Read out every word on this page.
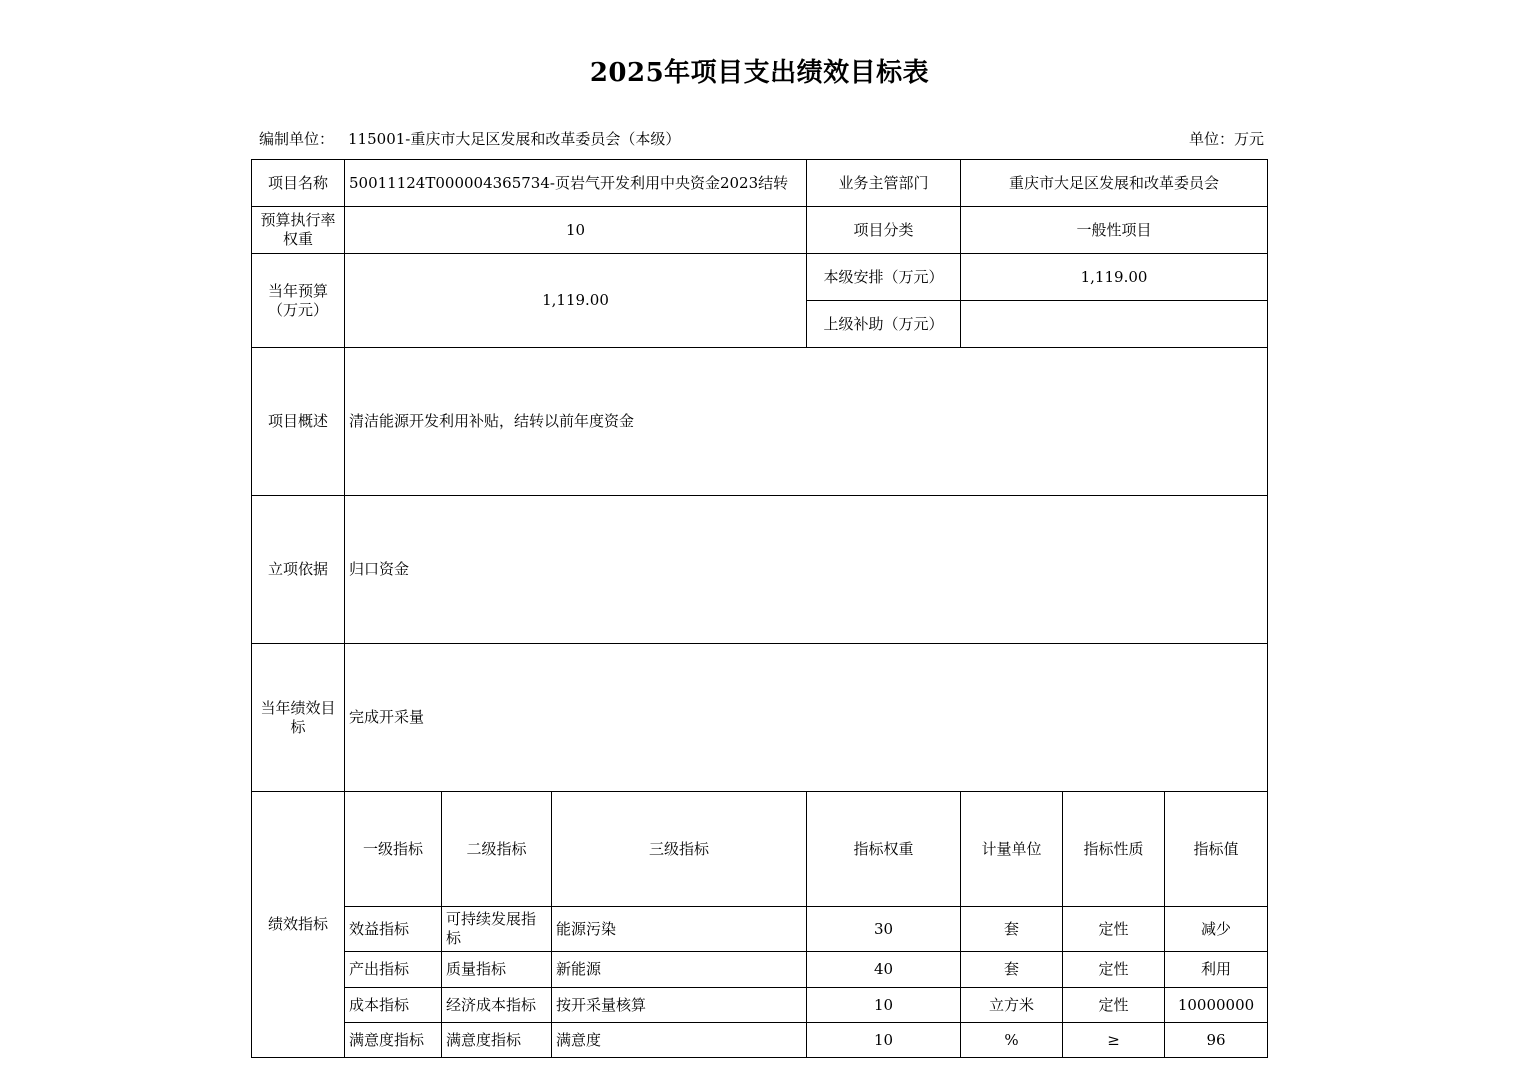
2025年项目支出绩效目标表
编制单位： 115001-重庆市大足区发展和改革委员会（本级）	单位：万元
项目名称	50011124T000004365734-页岩气开发利用中央资金2023结转			业务主管部门	重庆市大足区发展和改革委员会			
预算执行率权重	10			项目分类	一般性项目			
当年预算（万元）	1,119.00			本级安排（万元）	1,119.00			
				上级补助（万元）				
项目概述	清洁能源开发利用补贴，结转以前年度资金							
立项依据	归口资金							
当年绩效目标	完成开采量							
绩效指标	一级指标	二级指标	三级指标	指标权重	计量单位	指标性质	指标值	
	效益指标	可持续发展指标	能源污染	30	套	定性	减少	
	产出指标	质量指标	新能源	40	套	定性	利用	
	成本指标	经济成本指标	按开采量核算	10	立方米	定性	10000000	
	满意度指标	满意度指标	满意度	10	%	≥	96	
